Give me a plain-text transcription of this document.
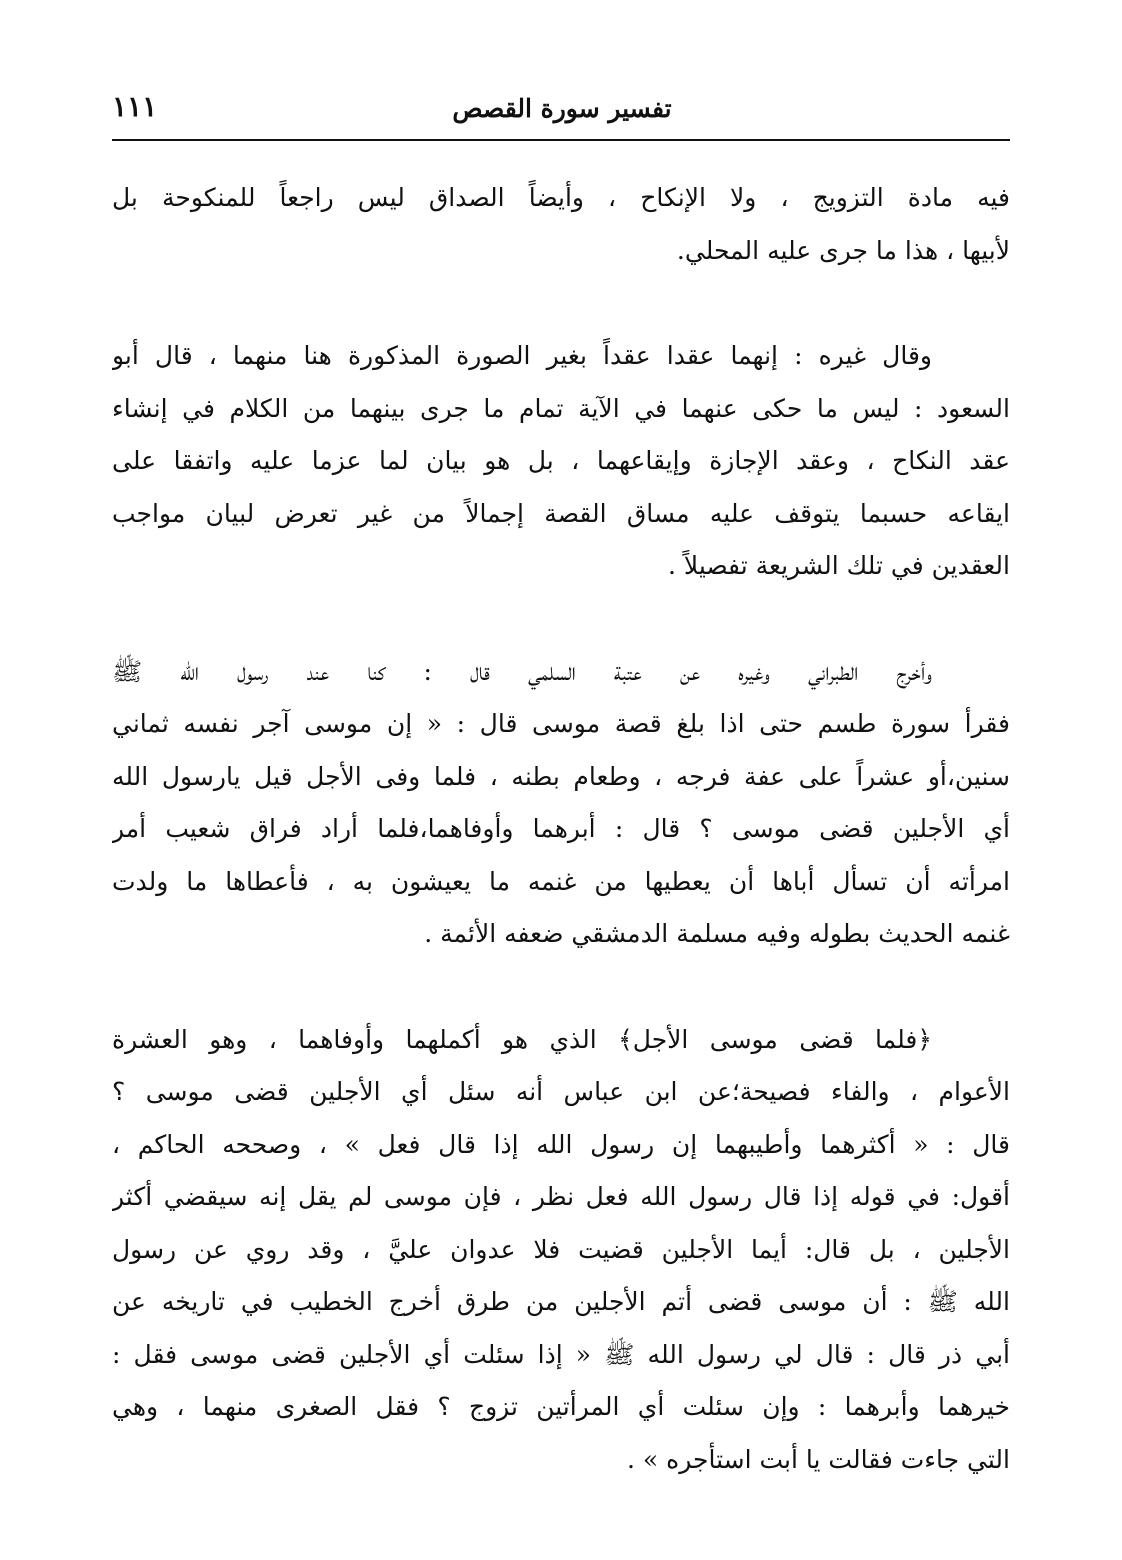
١١١	تفسير سورة القصص
فيه مادة التزويج ، ولا الإنكاح ، وأيضاً الصداق ليس راجعاً للمنكوحة بل
لأبيها ، هذا ما جرى عليه المحلي.
وقال غيره : إنهما عقدا عقداً بغير الصورة المذكورة هنا منهما ، قال أبو
السعود : ليس ما حكى عنهما في الآية تمام ما جرى بينهما من الكلام في إنشاء
عقد النكاح ، وعقد الإجازة وإيقاعهما ، بل هو بيان لما عزما عليه واتفقا على
ايقاعه حسبما يتوقف عليه مساق القصة إجمالاً من غير تعرض لبيان مواجب
العقدين في تلك الشريعة تفصيلاً .
وأخرج الطبراني وغيره عن عتبة السلمي قال : كنا عند رسول الله ﷺ
فقرأ سورة طسم حتى اذا بلغ قصة موسى قال : « إن موسى آجر نفسه ثماني
سنين،أو عشراً على عفة فرجه ، وطعام بطنه ، فلما وفى الأجل قيل يارسول الله
أي الأجلين قضى موسى ؟ قال : أبرهما وأوفاهما،فلما أراد فراق شعيب أمر
امرأته أن تسأل أباها أن يعطيها من غنمه ما يعيشون به ، فأعطاها ما ولدت
غنمه الحديث بطوله وفيه مسلمة الدمشقي ضعفه الأئمة .
﴿فلما قضى موسى الأجل﴾ الذي هو أكملهما وأوفاهما ، وهو العشرة
الأعوام ، والفاء فصيحة؛عن ابن عباس أنه سئل أي الأجلين قضى موسى ؟
قال : « أكثرهما وأطيبهما إن رسول الله إذا قال فعل » ، وصححه الحاكم ،
أقول: في قوله إذا قال رسول الله فعل نظر ، فإن موسى لم يقل إنه سيقضي أكثر
الأجلين ، بل قال: أيما الأجلين قضيت فلا عدوان عليَّ ، وقد روي عن رسول
الله ﷺ : أن موسى قضى أتم الأجلين من طرق أخرج الخطيب في تاريخه عن
أبي ذر قال : قال لي رسول الله ﷺ « إذا سئلت أي الأجلين قضى موسى فقل :
خيرهما وأبرهما : وإن سئلت أي المرأتين تزوج ؟ فقل الصغرى منهما ، وهي
التي جاءت فقالت يا أبت استأجره » .
